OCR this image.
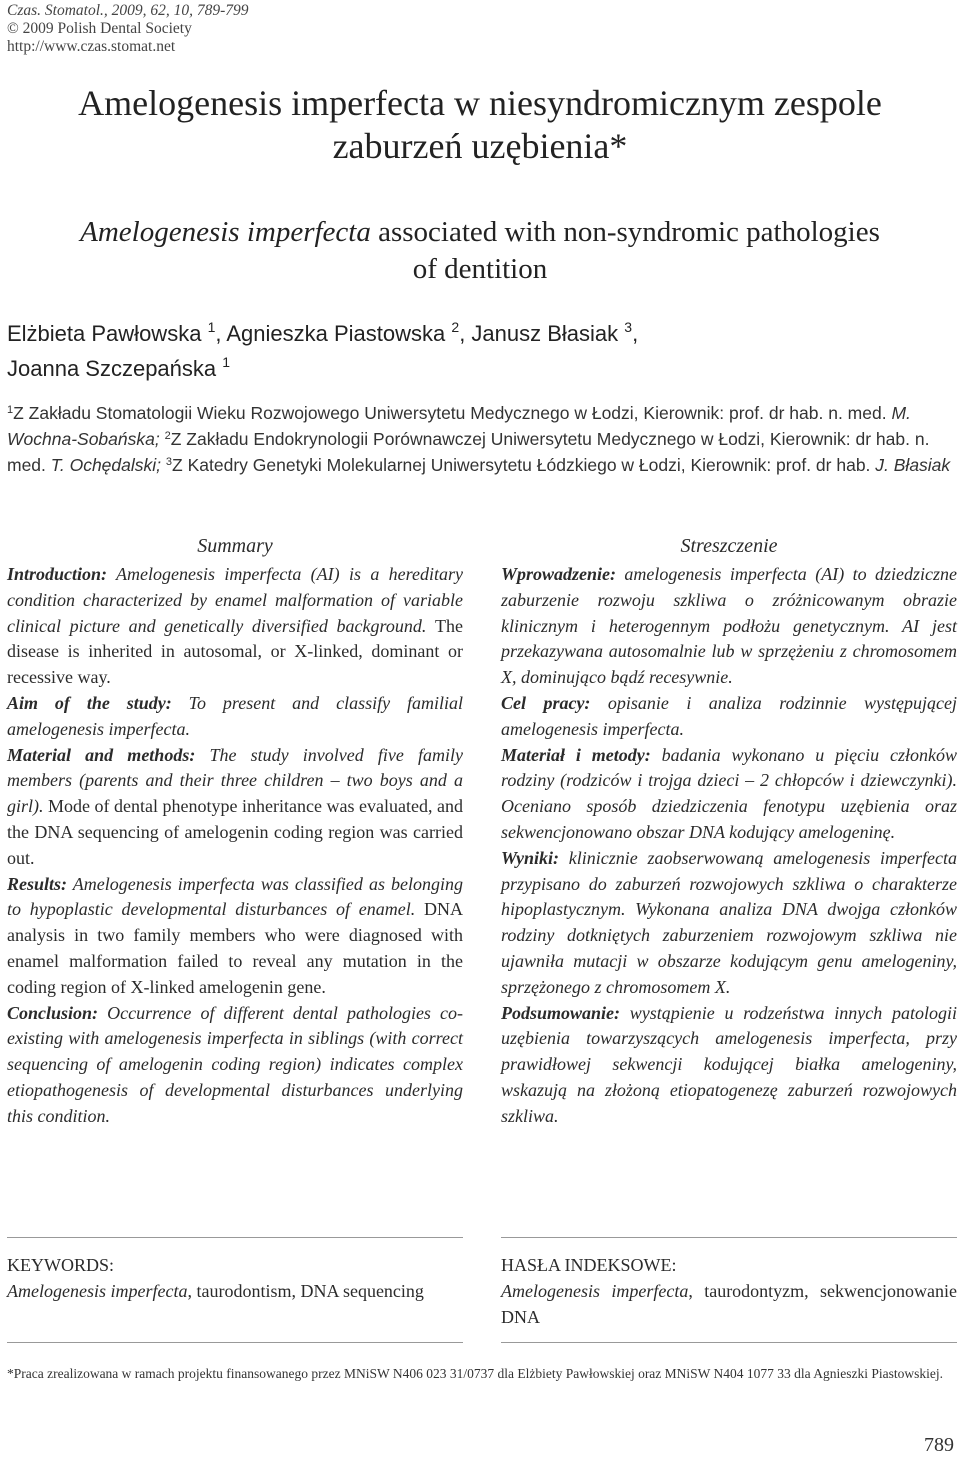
Czas. Stomatol., 2009, 62, 10, 789-799
© 2009 Polish Dental Society
http://www.czas.stomat.net
Amelogenesis imperfecta w niesyndromicznym zespole
zaburzeń uzębienia*
Amelogenesis imperfecta associated with non-syndromic pathologies
of dentition
Elżbieta Pawłowska $^1$, Agnieszka Piastowska $^2$, Janusz Błasiak $^3$,
Joanna Szczepańska $^1$
$^1$Z Zakładu Stomatologii Wieku Rozwojowego Uniwersytetu Medycznego w Łodzi, Kierownik: prof. dr hab. n. med. M. Wochna-Sobańska; $^2$Z Zakładu Endokrynologii Porównawczej Uniwersytetu Medycznego w Łodzi, Kierownik: dr hab. n. med. T. Ochędalski; $^3$Z Katedry Genetyki Molekularnej Uniwersytetu Łódzkiego w Łodzi, Kierownik: prof. dr hab. J. Błasiak
Summary

Introduction: Amelogenesis imperfecta (AI) is a hereditary condition characterized by enamel malformation of variable clinical picture and genetically diversified background. The disease is inherited in autosomal, or X-linked, dominant or recessive way.

Aim of the study: To present and classify familial amelogenesis imperfecta.

Material and methods: The study involved five family members (parents and their three children – two boys and a girl). Mode of dental phenotype inheritance was evaluated, and the DNA sequencing of amelogenin coding region was carried out.

Results: Amelogenesis imperfecta was classified as belonging to hypoplastic developmental disturbances of enamel. DNA analysis in two family members who were diagnosed with enamel malformation failed to reveal any mutation in the coding region of X-linked amelogenin gene.

Conclusion: Occurrence of different dental pathologies co-existing with amelogenesis imperfecta in siblings (with correct sequencing of amelogenin coding region) indicates complex etiopathogenesis of developmental disturbances underlying this condition.

Streszczenie

Wprowadzenie: amelogenesis imperfecta (AI) to dziedziczne zaburzenie rozwoju szkliwa o zróżnicowanym obrazie klinicznym i heterogennym podłożu genetycznym. AI jest przekazywana autosomalnie lub w sprzężeniu z chromosomem X, dominująco bądź recesywnie.

Cel pracy: opisanie i analiza rodzinnie występującej amelogenesis imperfecta.

Materiał i metody: badania wykonano u pięciu członków rodziny (rodziców i trojga dzieci – 2 chłopców i dziewczynki). Oceniano sposób dziedziczenia fenotypu uzębienia oraz sekwencjonowano obszar DNA kodujący amelogeninę.

Wyniki: klinicznie zaobserwowaną amelogenesis imperfecta przypisano do zaburzeń rozwojowych szkliwa o charakterze hipoplastycznym. Wykonana analiza DNA dwojga członków rodziny dotkniętych zaburzeniem rozwojowym szkliwa nie ujawniła mutacji w obszarze kodującym genu amelogeniny, sprzężonego z chromosomem X.

Podsumowanie: wystąpienie u rodzeństwa innych patologii uzębienia towarzyszących amelogenesis imperfecta, przy prawidłowej sekwencji kodującej białka amelogeniny, wskazują na złożoną etiopatogenezę zaburzeń rozwojowych szkliwa.

KEYWORDS:
Amelogenesis imperfecta, taurodontism, DNA sequencing
HASŁA INDEKSOWE:
Amelogenesis imperfecta, taurodontyzm, sekwencjonowanie DNA
*Praca zrealizowana w ramach projektu finansowanego przez MNiSW N406 023 31/0737 dla Elżbiety Pawłowskiej oraz MNiSW N404 1077 33 dla Agnieszki Piastowskiej.
789
